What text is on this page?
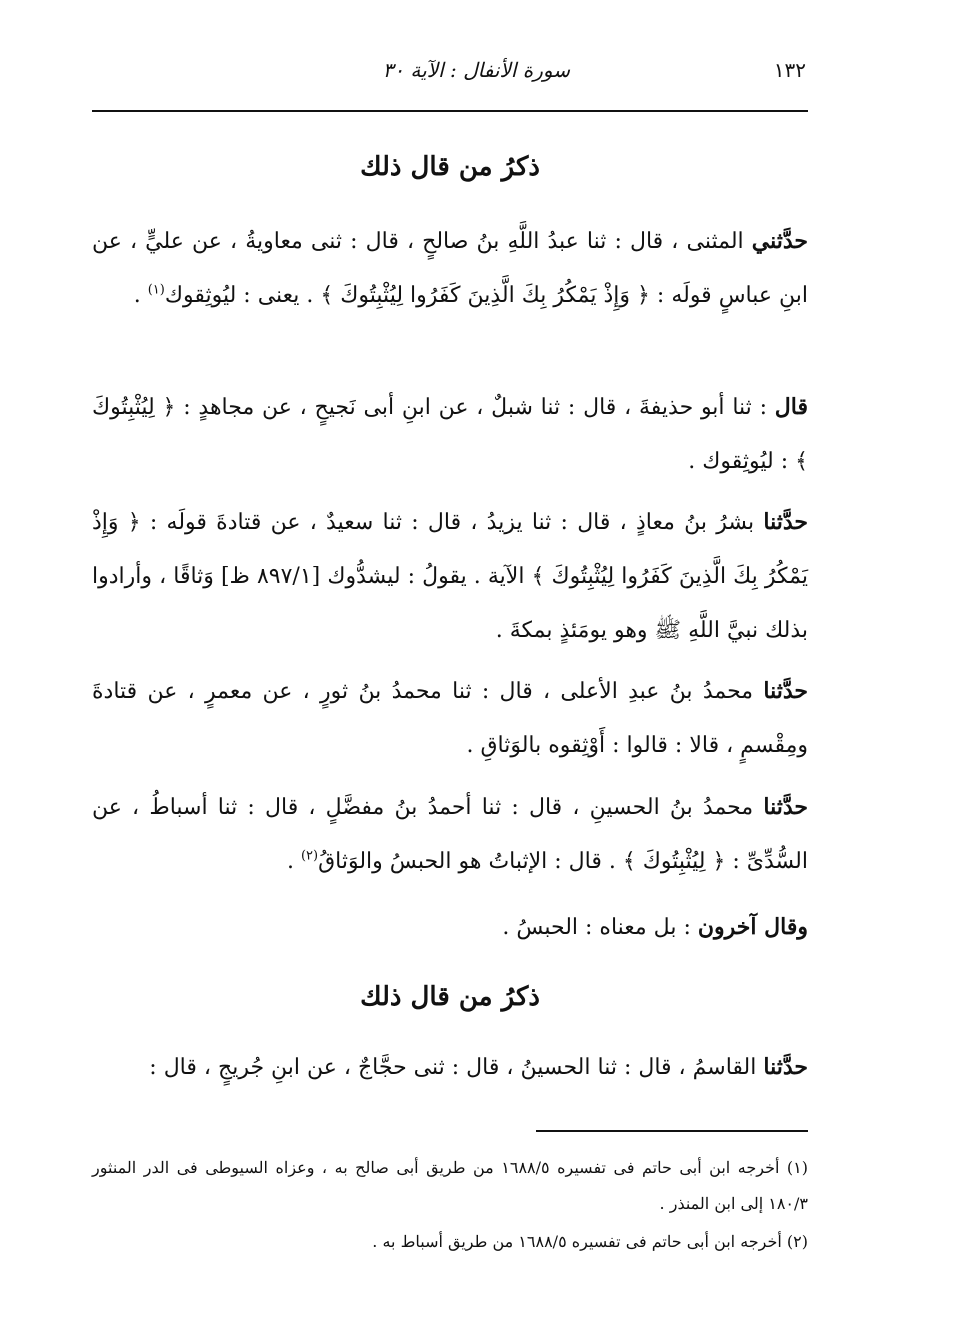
١٣٢
سورة الأنفال : الآية ٣٠
ذكرُ من قال ذلك
حدَّثني المثنى ، قال : ثنا عبدُ اللَّهِ بنُ صالحٍ ، قال : ثنى معاويةُ ، عن عليٍّ ، عن ابنِ عباسٍ قولَه : ﴿ وَإِذْ يَمْكُرُ بِكَ الَّذِينَ كَفَرُوا لِيُثْبِتُوكَ ﴾ . يعنى : ليُوثِقوك$^{(١)}$ .
قال : ثنا أبو حذيفةَ ، قال : ثنا شبلٌ ، عن ابنِ أبى نَجيحٍ ، عن مجاهدٍ : ﴿ لِيُثْبِتُوكَ ﴾ : ليُوثِقوك .
حدَّثنا بشرُ بنُ معاذٍ ، قال : ثنا يزيدُ ، قال : ثنا سعيدٌ ، عن قتادةَ قولَه : ﴿ وَإِذْ يَمْكُرُ بِكَ الَّذِينَ كَفَرُوا لِيُثْبِتُوكَ ﴾ الآية . يقولُ : ليشدُّوك [٨٩٧/١ ظ] وَثاقًا ، وأرادوا بذلك نبيَّ اللَّهِ ﷺ وهو يومَئذٍ بمكةَ .
حدَّثنا محمدُ بنُ عبدِ الأعلى ، قال : ثنا محمدُ بنُ ثورٍ ، عن معمرٍ ، عن قتادةَ ومِقْسمٍ ، قالا : قالوا : أَوْثِقوه بالوَثاقِ .
حدَّثنا محمدُ بنُ الحسينِ ، قال : ثنا أحمدُ بنُ مفضَّلٍ ، قال : ثنا أسباطُ ، عن السُّدِّىِّ : ﴿ لِيُثْبِتُوكَ ﴾ . قال : الإثباتُ هو الحبسُ والوَثاقُ$^{(٢)}$ .
وقال آخرون : بل معناه : الحبسُ .
ذكرُ من قال ذلك
حدَّثنا القاسمُ ، قال : ثنا الحسينُ ، قال : ثنى حجَّاجٌ ، عن ابنِ جُريجٍ ، قال :
(١) أخرجه ابن أبى حاتم فى تفسيره ١٦٨٨/٥ من طريق أبى صالح به ، وعزاه السيوطى فى الدر المنثور ١٨٠/٣ إلى ابن المنذر .
(٢) أخرجه ابن أبى حاتم فى تفسيره ١٦٨٨/٥ من طريق أسباط به .
